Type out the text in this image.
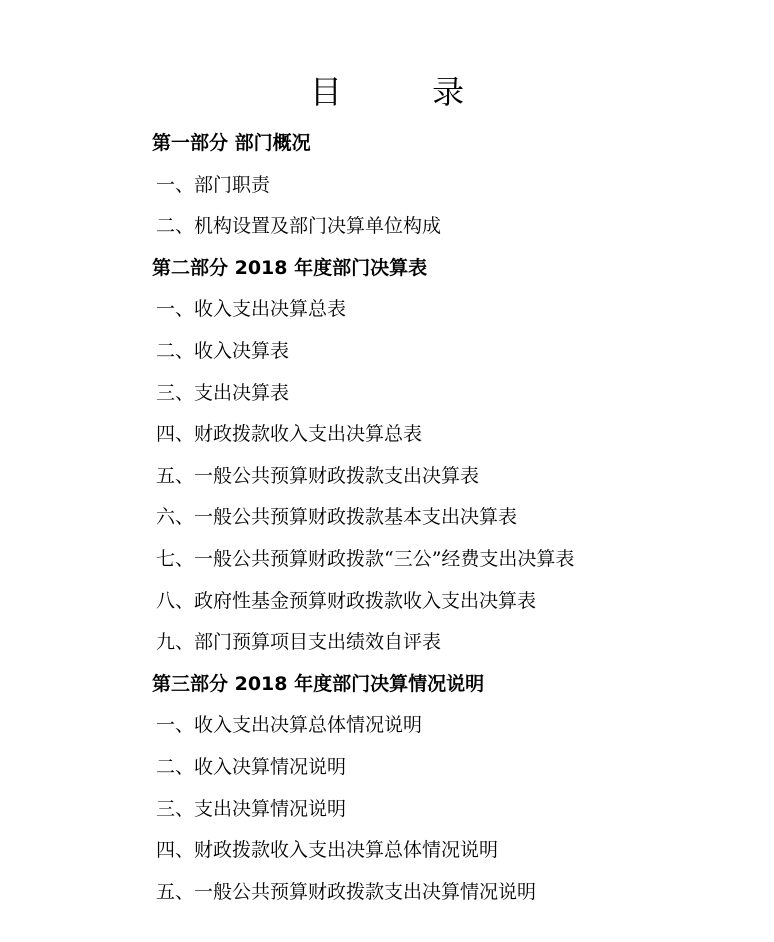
目 录
第一部分 部门概况
一、部门职责
二、机构设置及部门决算单位构成
第二部分 2018 年度部门决算表
一、收入支出决算总表
二、收入决算表
三、支出决算表
四、财政拨款收入支出决算总表
五、一般公共预算财政拨款支出决算表
六、一般公共预算财政拨款基本支出决算表
七、一般公共预算财政拨款“三公”经费支出决算表
八、政府性基金预算财政拨款收入支出决算表
九、部门预算项目支出绩效自评表
第三部分 2018 年度部门决算情况说明
一、收入支出决算总体情况说明
二、收入决算情况说明
三、支出决算情况说明
四、财政拨款收入支出决算总体情况说明
五、一般公共预算财政拨款支出决算情况说明
